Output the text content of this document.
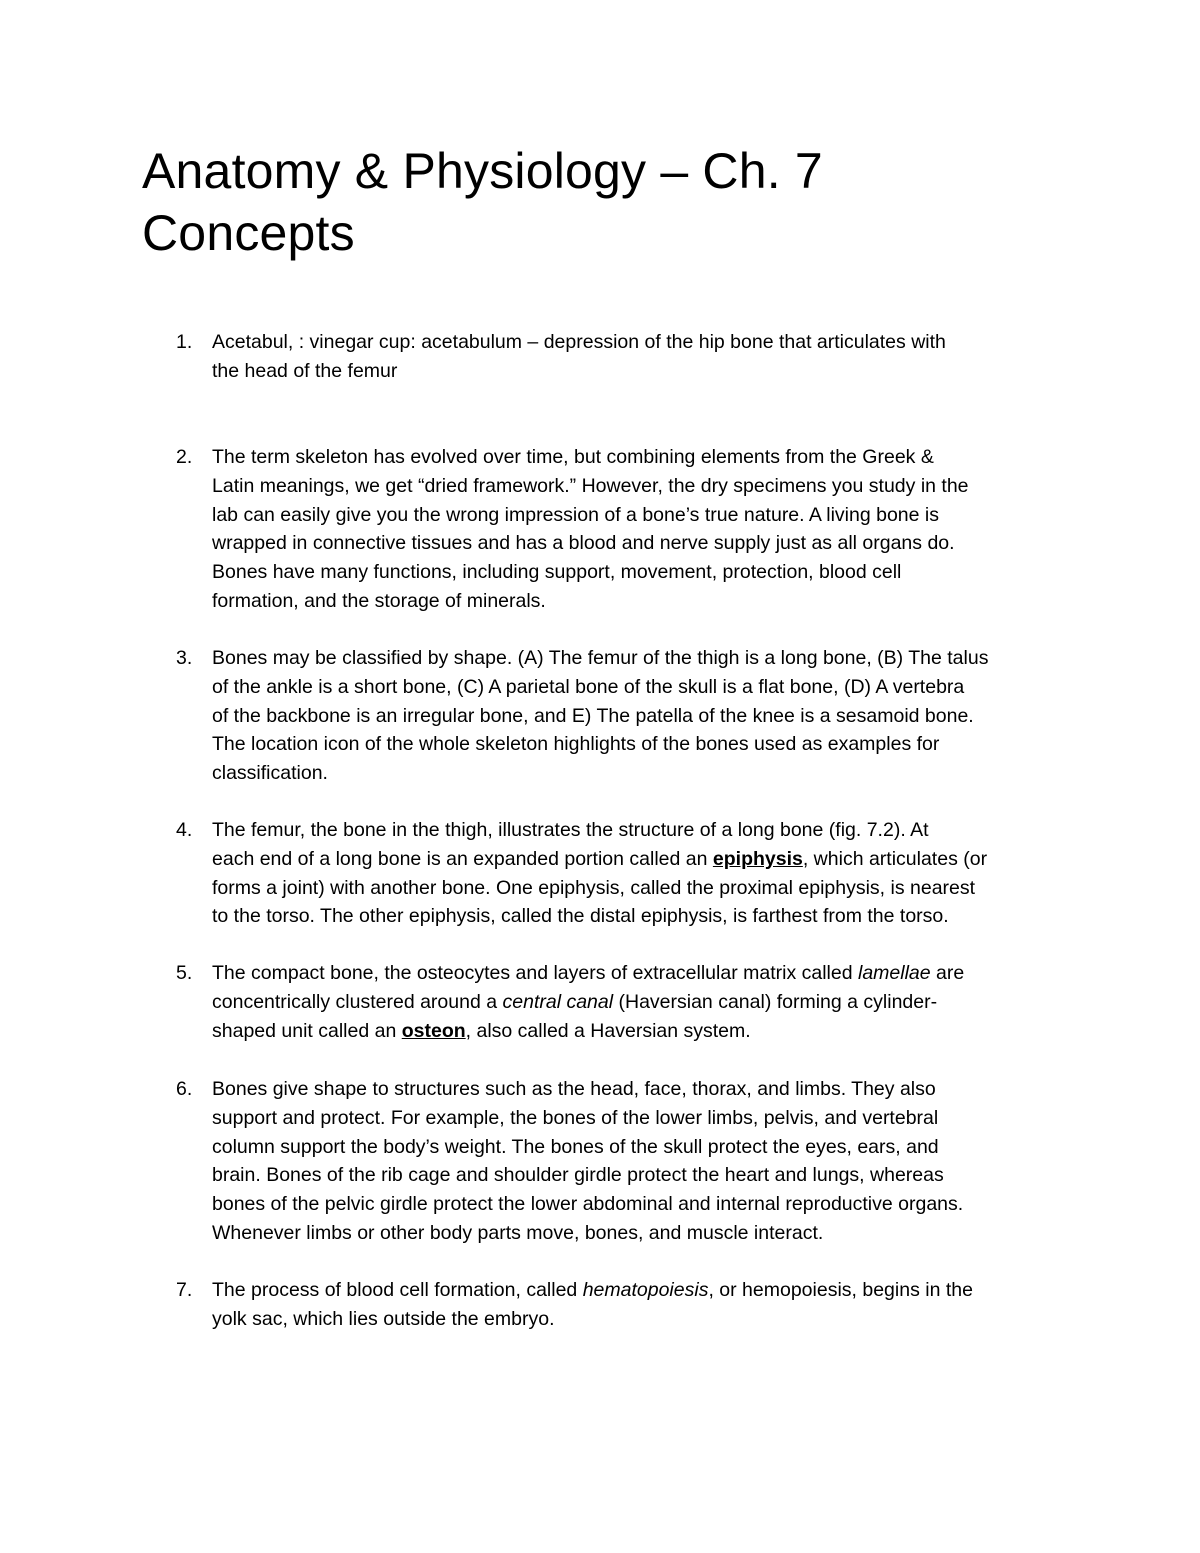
Anatomy & Physiology – Ch. 7
Concepts
1.	Acetabul, : vinegar cup: acetabulum – depression of the hip bone that articulates with
the head of the femur
2.	The term skeleton has evolved over time, but combining elements from the Greek &
Latin meanings, we get “dried framework.” However, the dry specimens you study in the
lab can easily give you the wrong impression of a bone’s true nature. A living bone is
wrapped in connective tissues and has a blood and nerve supply just as all organs do.
Bones have many functions, including support, movement, protection, blood cell
formation, and the storage of minerals.
3.	Bones may be classified by shape. (A) The femur of the thigh is a long bone, (B) The talus
of the ankle is a short bone, (C) A parietal bone of the skull is a flat bone, (D) A vertebra
of the backbone is an irregular bone, and E) The patella of the knee is a sesamoid bone.
The location icon of the whole skeleton highlights of the bones used as examples for
classification.
4.	The femur, the bone in the thigh, illustrates the structure of a long bone (fig. 7.2). At
each end of a long bone is an expanded portion called an epiphysis, which articulates (or
forms a joint) with another bone. One epiphysis, called the proximal epiphysis, is nearest
to the torso. The other epiphysis, called the distal epiphysis, is farthest from the torso.
5.	The compact bone, the osteocytes and layers of extracellular matrix called lamellae are
concentrically clustered around a central canal (Haversian canal) forming a cylinder-
shaped unit called an osteon, also called a Haversian system.
6.	Bones give shape to structures such as the head, face, thorax, and limbs. They also
support and protect. For example, the bones of the lower limbs, pelvis, and vertebral
column support the body’s weight. The bones of the skull protect the eyes, ears, and
brain. Bones of the rib cage and shoulder girdle protect the heart and lungs, whereas
bones of the pelvic girdle protect the lower abdominal and internal reproductive organs.
Whenever limbs or other body parts move, bones, and muscle interact.
7.	The process of blood cell formation, called hematopoiesis, or hemopoiesis, begins in the
yolk sac, which lies outside the embryo.
